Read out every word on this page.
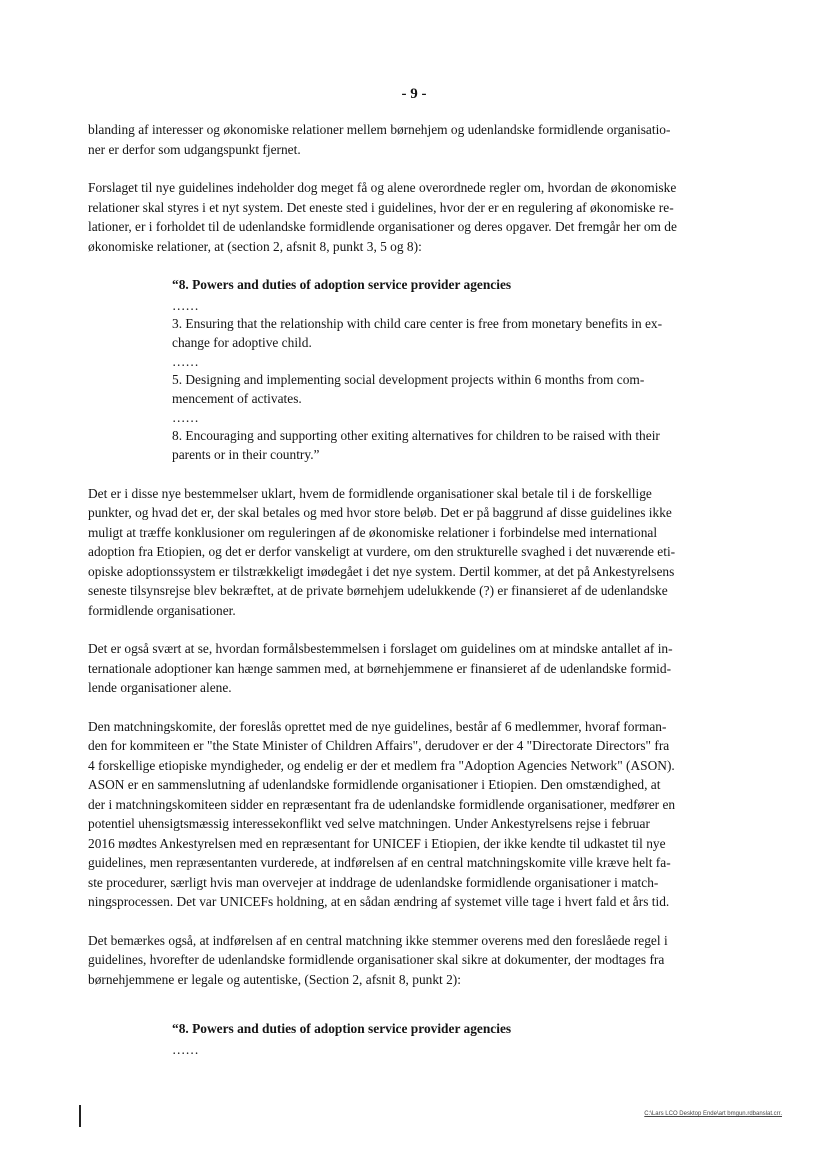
- 9 -
blanding af interesser og økonomiske relationer mellem børnehjem og udenlandske formidlende organisatio-
ner er derfor som udgangspunkt fjernet.
Forslaget til nye guidelines indeholder dog meget få og alene overordnede regler om, hvordan de økonomiske
relationer skal styres i et nyt system. Det eneste sted i guidelines, hvor der er en regulering af økonomiske re-
lationer, er i forholdet til de udenlandske formidlende organisationer og deres opgaver. Det fremgår her om de
økonomiske relationer, at (section 2, afsnit 8, punkt 3, 5 og 8):
“8. Powers and duties of adoption service provider agencies
……
3. Ensuring that the relationship with child care center is free from monetary benefits in ex-
change for adoptive child.
……
5. Designing and implementing social development projects within 6 months from com-
mencement of activates.
……
8. Encouraging and supporting other exiting alternatives for children to be raised with their
parents or in their country.”
Det er i disse nye bestemmelser uklart, hvem de formidlende organisationer skal betale til i de forskellige
punkter, og hvad det er, der skal betales og med hvor store beløb. Det er på baggrund af disse guidelines ikke
muligt at træffe konklusioner om reguleringen af de økonomiske relationer i forbindelse med international
adoption fra Etiopien, og det er derfor vanskeligt at vurdere, om den strukturelle svaghed i det nuværende eti-
opiske adoptionssystem er tilstrækkeligt imødegået i det nye system. Dertil kommer, at det på Ankestyrelsens
seneste tilsynsrejse blev bekræftet, at de private børnehjem udelukkende (?) er finansieret af de udenlandske
formidlende organisationer.
Det er også svært at se, hvordan formålsbestemmelsen i forslaget om guidelines om at mindske antallet af in-
ternationale adoptioner kan hænge sammen med, at børnehjemmene er finansieret af de udenlandske formid-
lende organisationer alene.
Den matchningskomite, der foreslås oprettet med de nye guidelines, består af 6 medlemmer, hvoraf forman-
den for kommiteen er "the State Minister of Children Affairs", derudover er der 4 "Directorate Directors" fra
4 forskellige etiopiske myndigheder, og endelig er der et medlem fra "Adoption Agencies Network" (ASON).
ASON er en sammenslutning af udenlandske formidlende organisationer i Etiopien. Den omstændighed, at
der i matchningskomiteen sidder en repræsentant fra de udenlandske formidlende organisationer, medfører en
potentiel uhensigtsmæssig interessekonflikt ved selve matchningen. Under Ankestyrelsens rejse i februar
2016 mødtes Ankestyrelsen med en repræsentant for UNICEF i Etiopien, der ikke kendte til udkastet til nye
guidelines, men repræsentanten vurderede, at indførelsen af en central matchningskomite ville kræve helt fa-
ste procedurer, særligt hvis man overvejer at inddrage de udenlandske formidlende organisationer i match-
ningsprocessen. Det var UNICEFs holdning, at en sådan ændring af systemet ville tage i hvert fald et års tid.
Det bemærkes også, at indførelsen af en central matchning ikke stemmer overens med den foreslåede regel i
guidelines, hvorefter de udenlandske formidlende organisationer skal sikre at dokumenter, der modtages fra
børnehjemmene er legale og autentiske, (Section 2, afsnit 8, punkt 2):
“8. Powers and duties of adoption service provider agencies
……
C:\Lars LCO Desktop Ende\art bmgun.rdbanslat.crr.
